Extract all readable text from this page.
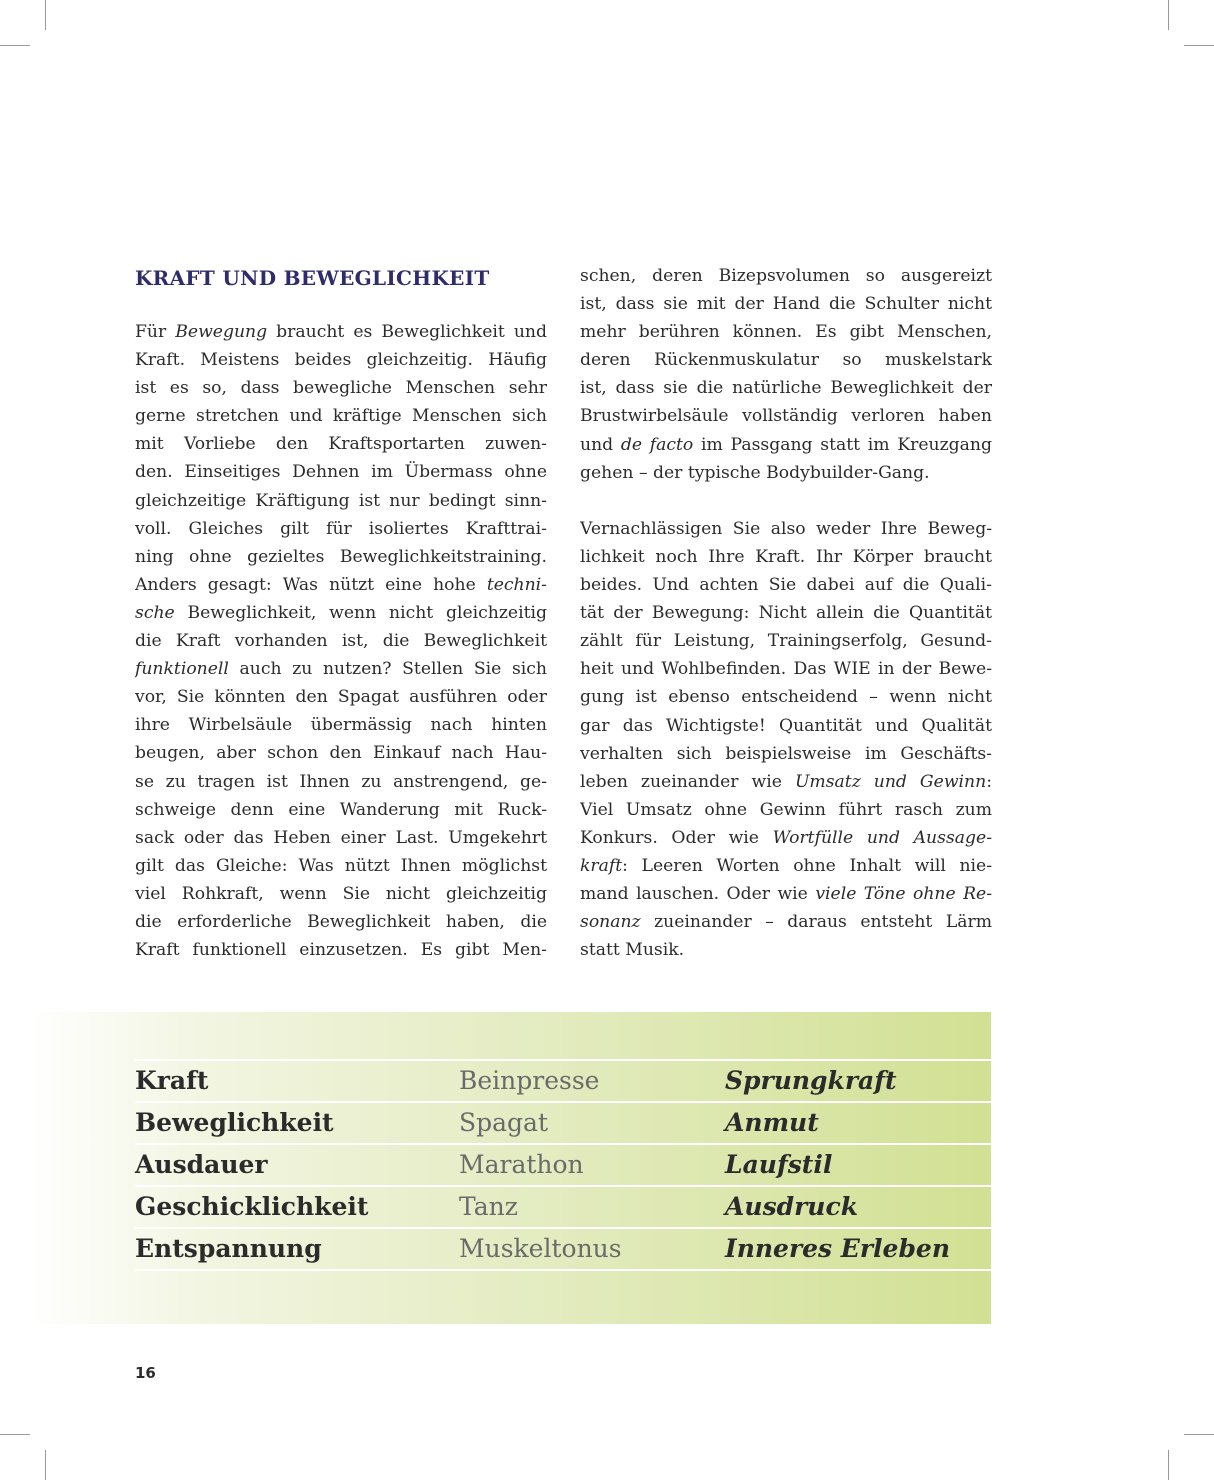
KRAFT UND BEWEGLICHKEIT
Für Bewegung braucht es Beweglichkeit und
Kraft. Meistens beides gleichzeitig. Häufig
ist es so, dass bewegliche Menschen sehr
gerne stretchen und kräftige Menschen sich
mit Vorliebe den Kraftsportarten zuwen-
den. Einseitiges Dehnen im Übermass ohne
gleichzeitige Kräftigung ist nur bedingt sinn-
voll. Gleiches gilt für isoliertes Krafttrai-
ning ohne gezieltes Beweglichkeitstraining.
Anders gesagt: Was nützt eine hohe techni-
sche Beweglichkeit, wenn nicht gleichzeitig
die Kraft vorhanden ist, die Beweglichkeit
funktionell auch zu nutzen? Stellen Sie sich
vor, Sie könnten den Spagat ausführen oder
ihre Wirbelsäule übermässig nach hinten
beugen, aber schon den Einkauf nach Hau-
se zu tragen ist Ihnen zu anstrengend, ge-
schweige denn eine Wanderung mit Ruck-
sack oder das Heben einer Last. Umgekehrt
gilt das Gleiche: Was nützt Ihnen möglichst
viel Rohkraft, wenn Sie nicht gleichzeitig
die erforderliche Beweglichkeit haben, die
Kraft funktionell einzusetzen. Es gibt Men-
schen, deren Bizepsvolumen so ausgereizt
ist, dass sie mit der Hand die Schulter nicht
mehr berühren können. Es gibt Menschen,
deren Rückenmuskulatur so muskelstark
ist, dass sie die natürliche Beweglichkeit der
Brustwirbelsäule vollständig verloren haben
und de facto im Passgang statt im Kreuzgang
gehen – der typische Bodybuilder-Gang.
Vernachlässigen Sie also weder Ihre Beweg-
lichkeit noch Ihre Kraft. Ihr Körper braucht
beides. Und achten Sie dabei auf die Quali-
tät der Bewegung: Nicht allein die Quantität
zählt für Leistung, Trainingserfolg, Gesund-
heit und Wohlbefinden. Das WIE in der Bewe-
gung ist ebenso entscheidend – wenn nicht
gar das Wichtigste! Quantität und Qualität
verhalten sich beispielsweise im Geschäfts-
leben zueinander wie Umsatz und Gewinn:
Viel Umsatz ohne Gewinn führt rasch zum
Konkurs. Oder wie Wortfülle und Aussage-
kraft: Leeren Worten ohne Inhalt will nie-
mand lauschen. Oder wie viele Töne ohne Re-
sonanz zueinander – daraus entsteht Lärm
statt Musik.
Kraft	Beinpresse	Sprungkraft
Beweglichkeit	Spagat	Anmut
Ausdauer	Marathon	Laufstil
Geschicklichkeit	Tanz	Ausdruck
Entspannung	Muskeltonus	Inneres Erleben
16
